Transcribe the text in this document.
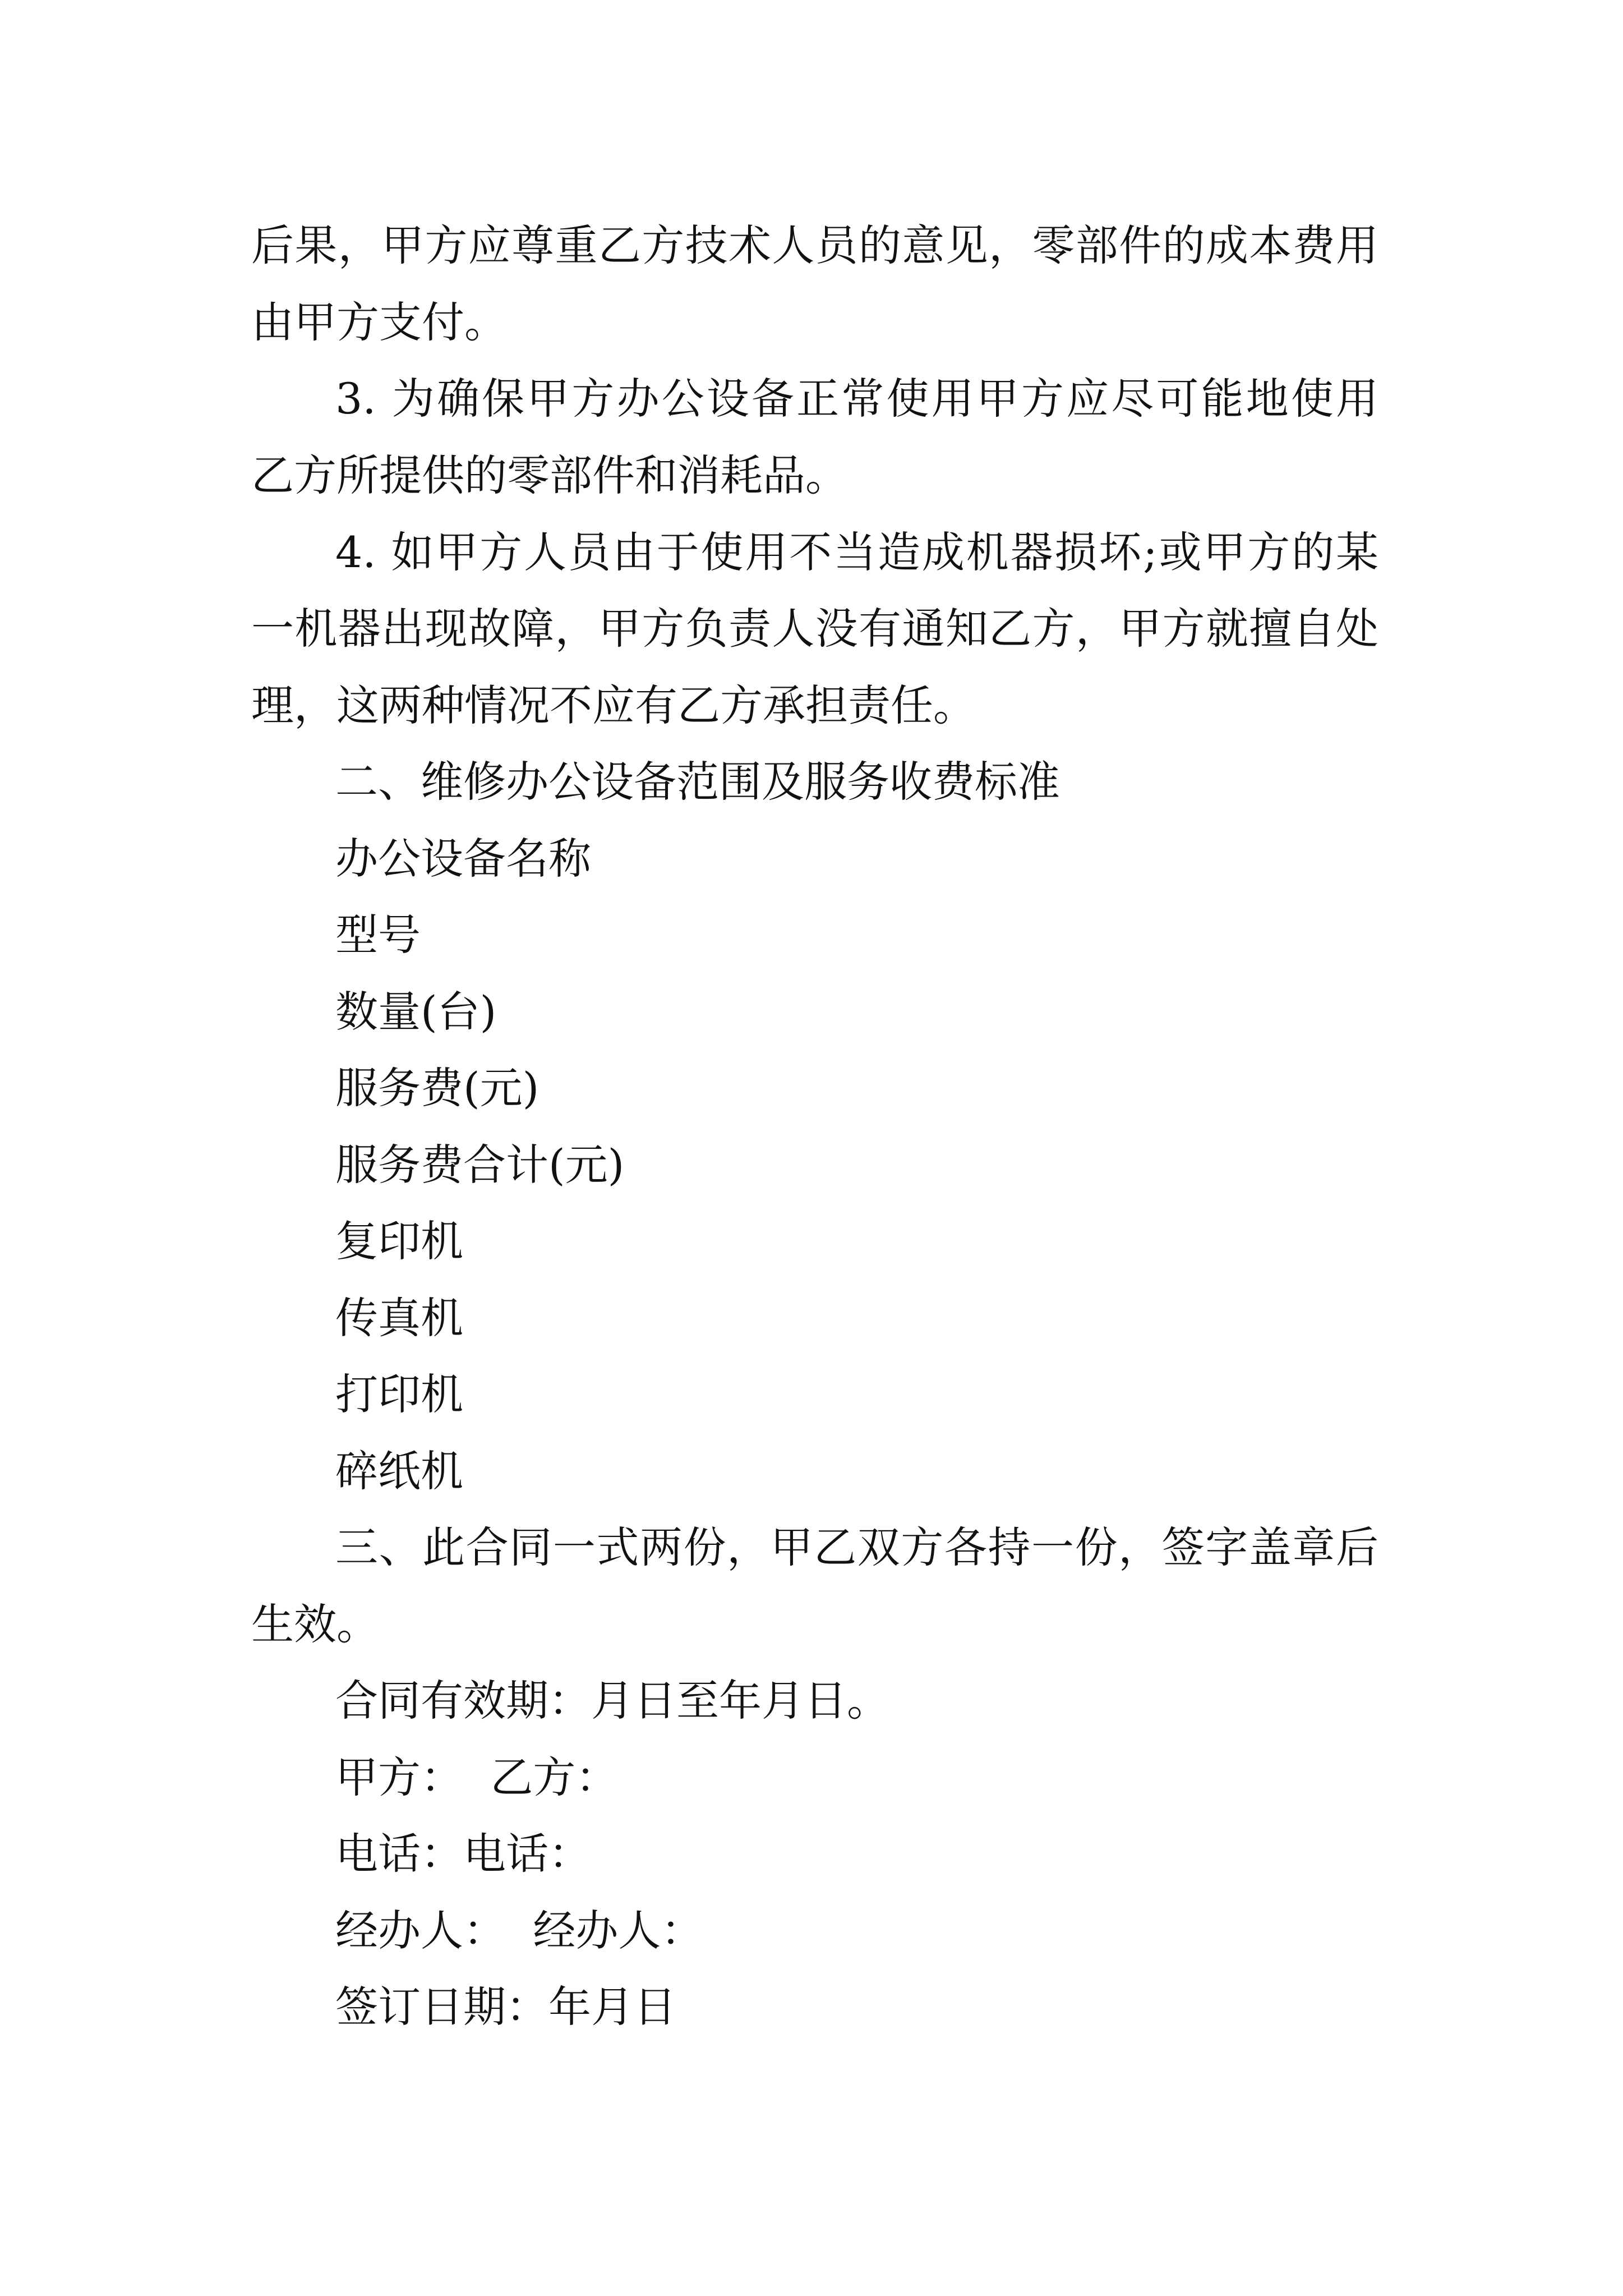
后果，甲方应尊重乙方技术人员的意见，零部件的成本费用

由甲方支付。

3. 为确保甲方办公设备正常使用甲方应尽可能地使用

乙方所提供的零部件和消耗品。

4. 如甲方人员由于使用不当造成机器损坏;或甲方的某

一机器出现故障，甲方负责人没有通知乙方，甲方就擅自处

理，这两种情况不应有乙方承担责任。

二、维修办公设备范围及服务收费标准

办公设备名称

型号

数量(台)

服务费(元)

服务费合计(元)

复印机

传真机

打印机

碎纸机

三、此合同一式两份，甲乙双方各持一份，签字盖章后

生效。

合同有效期：月日至年月日。

甲方：  乙方：

电话：电话：

经办人：  经办人：

签订日期：年月日
